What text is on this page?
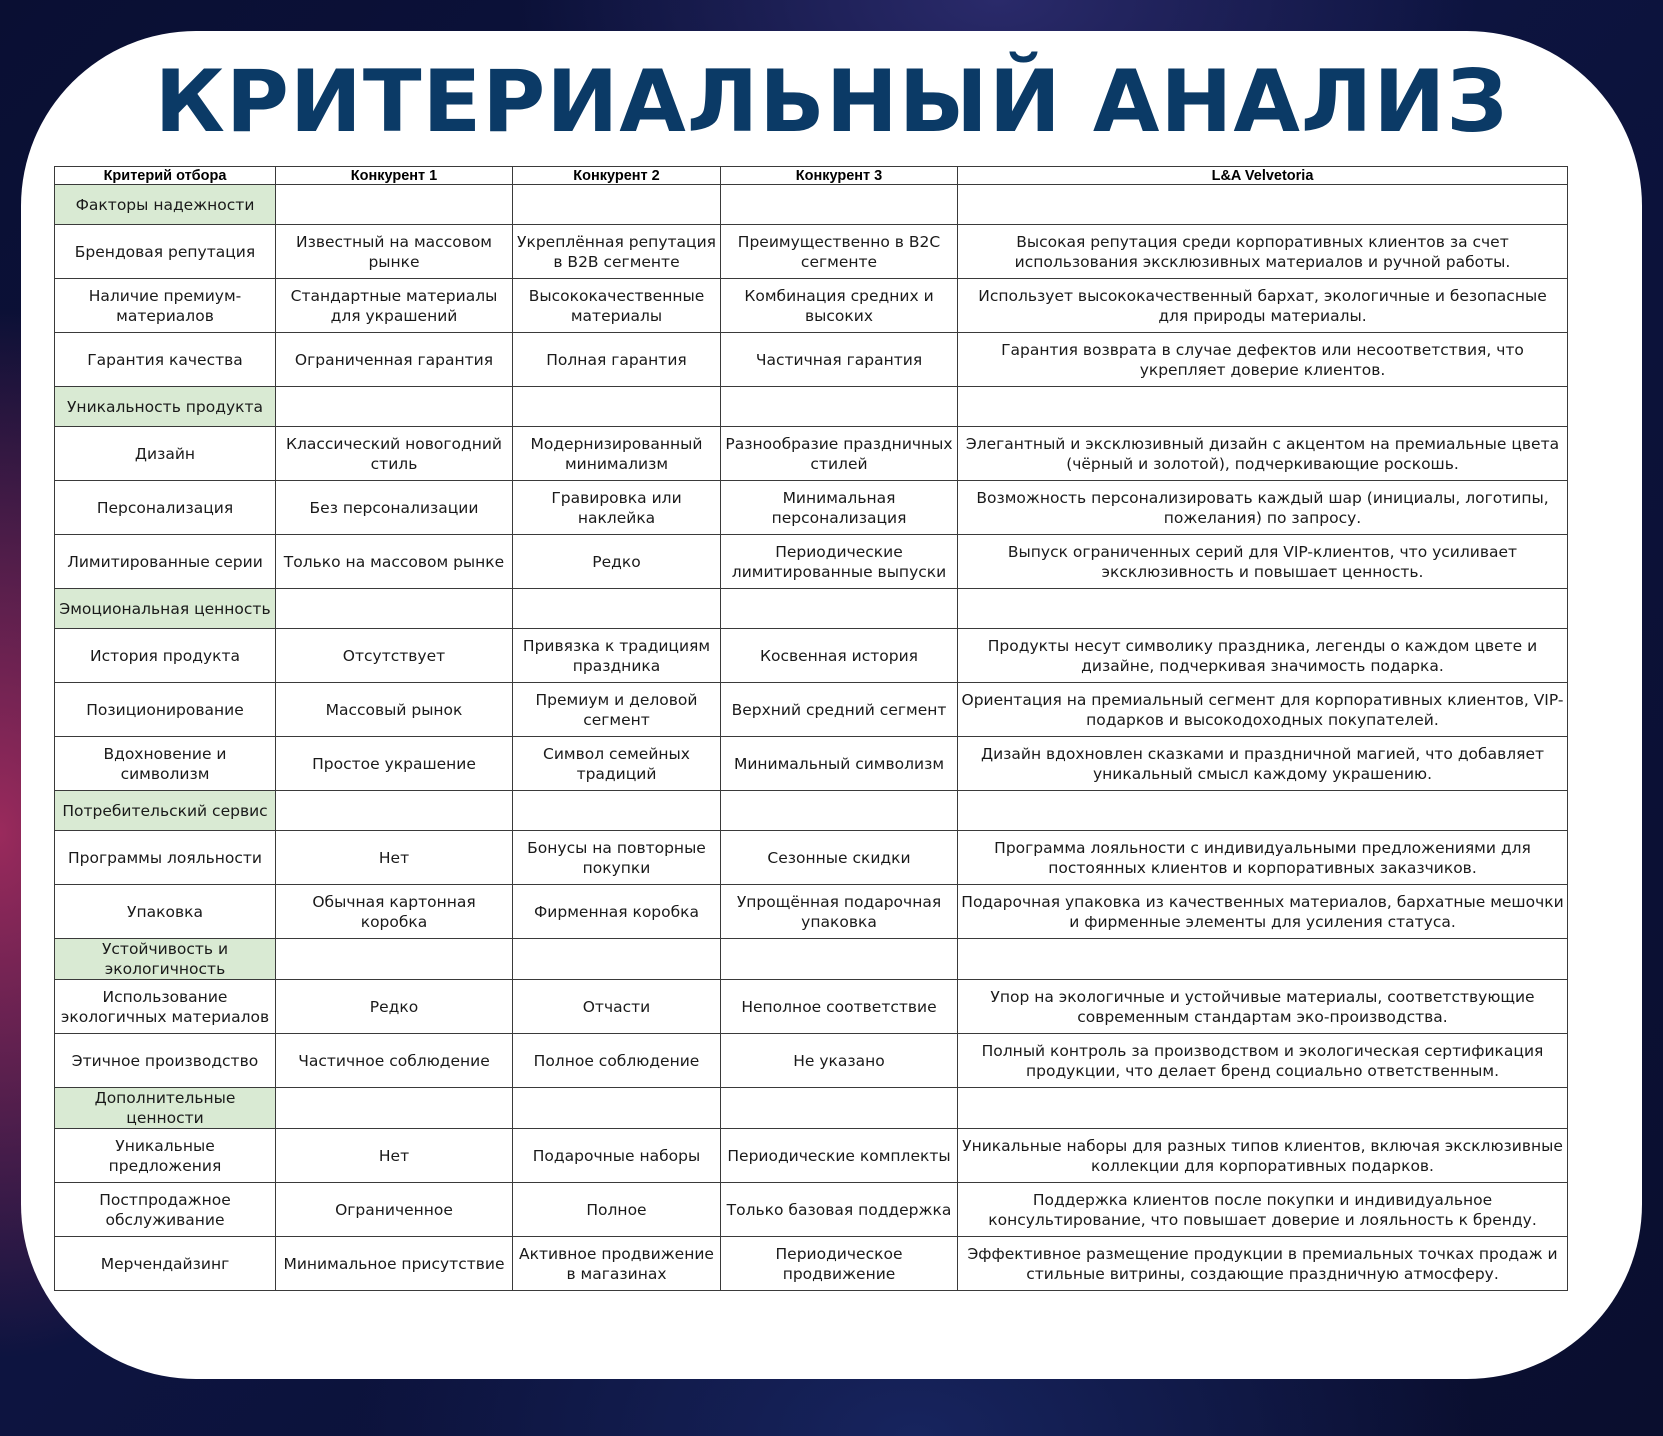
КРИТЕРИАЛЬНЫЙ АНАЛИЗ
Критерий отбора	Конкурент 1	Конкурент 2	Конкурент 3	L&A Velvetoria
Факторы надежности				
Брендовая репутация	Известный на массовом рынке	Укреплённая репутация в B2B сегменте	Преимущественно в B2C сегменте	Высокая репутация среди корпоративных клиентов за счет использования эксклюзивных материалов и ручной работы.
Наличие премиум-материалов	Стандартные материалы для украшений	Высококачественные материалы	Комбинация средних и высоких	Использует высококачественный бархат, экологичные и безопасные для природы материалы.
Гарантия качества	Ограниченная гарантия	Полная гарантия	Частичная гарантия	Гарантия возврата в случае дефектов или несоответствия, что укрепляет доверие клиентов.
Уникальность продукта				
Дизайн	Классический новогодний стиль	Модернизированный минимализм	Разнообразие праздничных стилей	Элегантный и эксклюзивный дизайн с акцентом на премиальные цвета (чёрный и золотой), подчеркивающие роскошь.
Персонализация	Без персонализации	Гравировка или наклейка	Минимальная персонализация	Возможность персонализировать каждый шар (инициалы, логотипы, пожелания) по запросу.
Лимитированные серии	Только на массовом рынке	Редко	Периодические лимитированные выпуски	Выпуск ограниченных серий для VIP-клиентов, что усиливает эксклюзивность и повышает ценность.
Эмоциональная ценность				
История продукта	Отсутствует	Привязка к традициям праздника	Косвенная история	Продукты несут символику праздника, легенды о каждом цвете и дизайне, подчеркивая значимость подарка.
Позиционирование	Массовый рынок	Премиум и деловой сегмент	Верхний средний сегмент	Ориентация на премиальный сегмент для корпоративных клиентов, VIP-подарков и высокодоходных покупателей.
Вдохновение и символизм	Простое украшение	Символ семейных традиций	Минимальный символизм	Дизайн вдохновлен сказками и праздничной магией, что добавляет уникальный смысл каждому украшению.
Потребительский сервис				
Программы лояльности	Нет	Бонусы на повторные покупки	Сезонные скидки	Программа лояльности с индивидуальными предложениями для постоянных клиентов и корпоративных заказчиков.
Упаковка	Обычная картонная коробка	Фирменная коробка	Упрощённая подарочная упаковка	Подарочная упаковка из качественных материалов, бархатные мешочки и фирменные элементы для усиления статуса.
Устойчивость и экологичность				
Использование экологичных материалов	Редко	Отчасти	Неполное соответствие	Упор на экологичные и устойчивые материалы, соответствующие современным стандартам эко-производства.
Этичное производство	Частичное соблюдение	Полное соблюдение	Не указано	Полный контроль за производством и экологическая сертификация продукции, что делает бренд социально ответственным.
Дополнительные ценности				
Уникальные предложения	Нет	Подарочные наборы	Периодические комплекты	Уникальные наборы для разных типов клиентов, включая эксклюзивные коллекции для корпоративных подарков.
Постпродажное обслуживание	Ограниченное	Полное	Только базовая поддержка	Поддержка клиентов после покупки и индивидуальное консультирование, что повышает доверие и лояльность к бренду.
Мерчендайзинг	Минимальное присутствие	Активное продвижение в магазинах	Периодическое продвижение	Эффективное размещение продукции в премиальных точках продаж и стильные витрины, создающие праздничную атмосферу.
